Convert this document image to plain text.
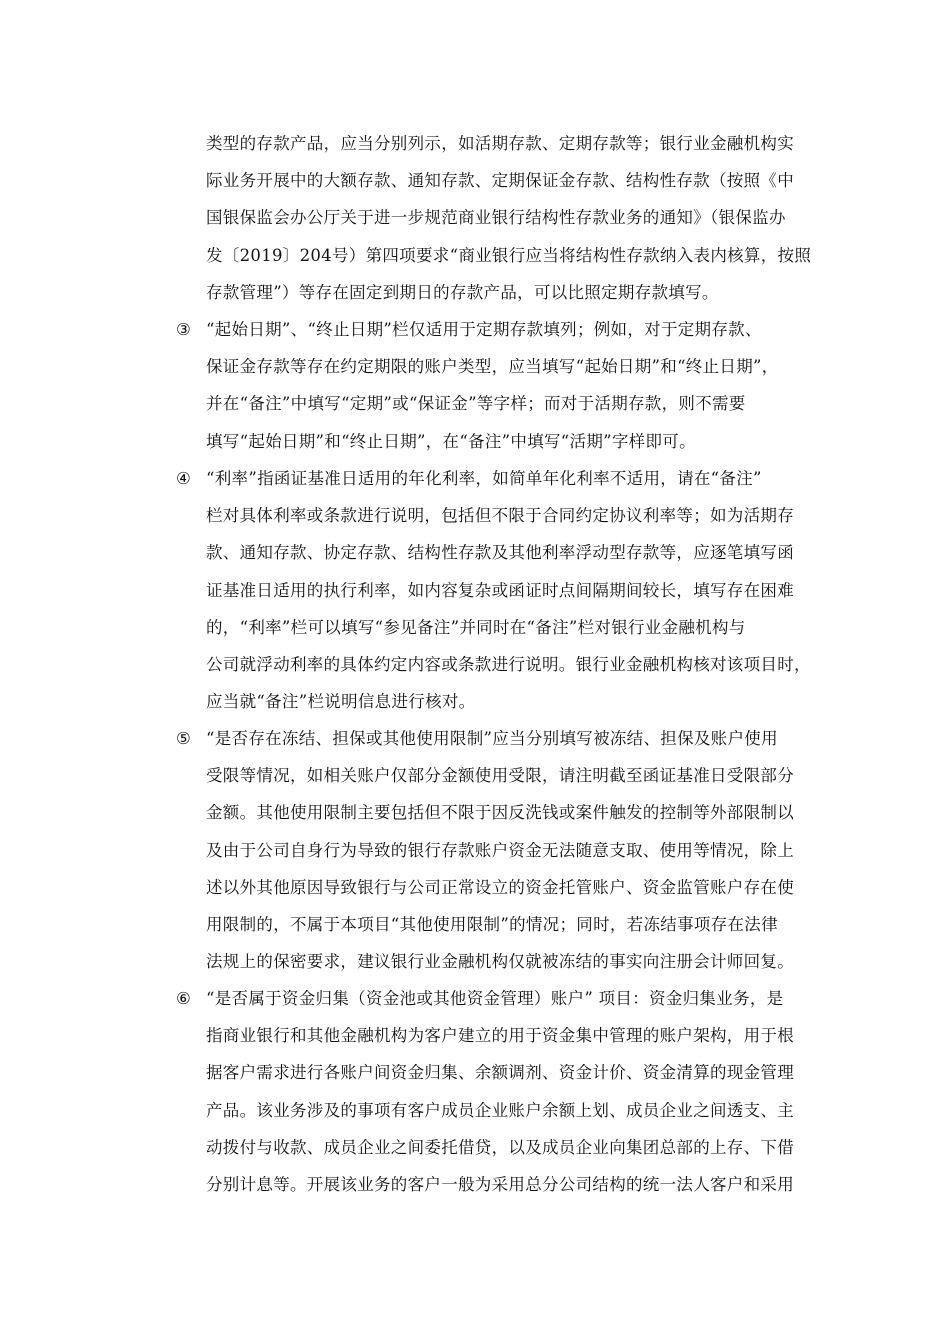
类型的存款产品，应当分别列示，如活期存款、定期存款等；银行业金融机构实
际业务开展中的大额存款、通知存款、定期保证金存款、结构性存款（按照《中
国银保监会办公厅关于进一步规范商业银行结构性存款业务的通知》（银保监办
发〔2019〕204号）第四项要求“商业银行应当将结构性存款纳入表内核算，按照
存款管理”）等存在固定到期日的存款产品，可以比照定期存款填写。
③ “起始日期”、“终止日期”栏仅适用于定期存款填列；例如，对于定期存款、
保证金存款等存在约定期限的账户类型，应当填写“起始日期”和“终止日期”，
并在“备注”中填写“定期”或“保证金”等字样；而对于活期存款，则不需要
填写“起始日期”和“终止日期”，在“备注”中填写“活期”字样即可。
④ “利率”指函证基准日适用的年化利率，如简单年化利率不适用，请在“备注”
栏对具体利率或条款进行说明，包括但不限于合同约定协议利率等；如为活期存
款、通知存款、协定存款、结构性存款及其他利率浮动型存款等，应逐笔填写函
证基准日适用的执行利率，如内容复杂或函证时点间隔期间较长，填写存在困难
的，“利率”栏可以填写“参见备注”并同时在“备注”栏对银行业金融机构与
公司就浮动利率的具体约定内容或条款进行说明。银行业金融机构核对该项目时，
应当就“备注”栏说明信息进行核对。
⑤ “是否存在冻结、担保或其他使用限制”应当分别填写被冻结、担保及账户使用
受限等情况，如相关账户仅部分金额使用受限，请注明截至函证基准日受限部分
金额。其他使用限制主要包括但不限于因反洗钱或案件触发的控制等外部限制以
及由于公司自身行为导致的银行存款账户资金无法随意支取、使用等情况，除上
述以外其他原因导致银行与公司正常设立的资金托管账户、资金监管账户存在使
用限制的，不属于本项目“其他使用限制”的情况；同时，若冻结事项存在法律
法规上的保密要求，建议银行业金融机构仅就被冻结的事实向注册会计师回复。
⑥ “是否属于资金归集（资金池或其他资金管理）账户” 项目：资金归集业务，是
指商业银行和其他金融机构为客户建立的用于资金集中管理的账户架构，用于根
据客户需求进行各账户间资金归集、余额调剂、资金计价、资金清算的现金管理
产品。该业务涉及的事项有客户成员企业账户余额上划、成员企业之间透支、主
动拨付与收款、成员企业之间委托借贷，以及成员企业向集团总部的上存、下借
分别计息等。开展该业务的客户一般为采用总分公司结构的统一法人客户和采用
